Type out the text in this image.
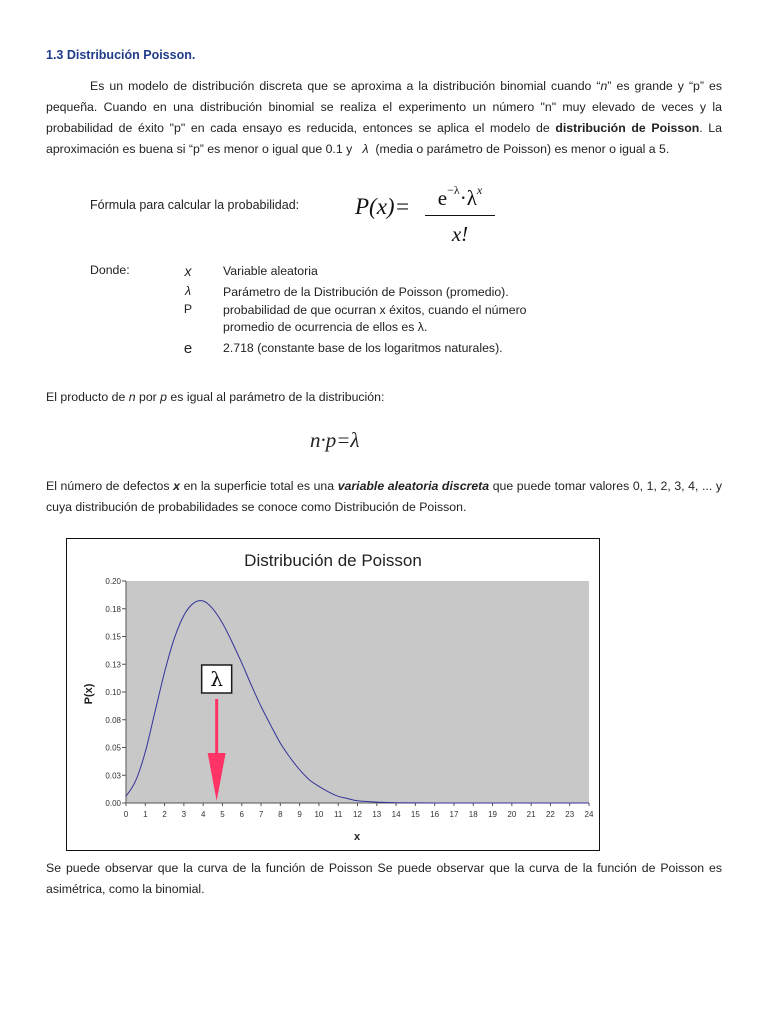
1.3 Distribución Poisson.

Es un modelo de distribución discreta que se aproxima a la distribución binomial cuando “n” es grande y “p” es pequeña. Cuando en una distribución binomial se realiza el experimento un número "n" muy elevado de veces y la probabilidad de éxito "p" en cada ensayo es reducida, entonces se aplica el modelo de distribución de Poisson. La aproximación es buena si “p” es menor o igual que 0.1 y   λ  (media o parámetro de Poisson) es menor o igual a 5.

Fórmula para calcular la probabilidad: P(x)=	$e^{-\lambda}\cdot\lambda^x$
x!
Donde:	x	Variable aleatoria
λ	Parámetro de la Distribución de Poisson (promedio).
P	probabilidad de que ocurran x éxitos, cuando el número
promedio de ocurrencia de ellos es λ.
e	2.718 (constante base de los logaritmos naturales).

El producto de n por p es igual al parámetro de la distribución:

n·p=λ

El número de defectos x en la superficie total es una variable aleatoria discreta que puede tomar valores 0, 1, 2, 3, 4, ... y cuya distribución de probabilidades se conoce como Distribución de Poisson.

Distribución de Poisson
0.00
0.03
0.05
0.08
0.10
0.13
0.15
0.18
0.20
0 1 2 3 4 5 6 7 8 9 10 11 12 13 14 15 16 17 18 19 20 21 22 23 24
x
P(x)
λ
Se puede observar que la curva de la función de Poisson Se puede observar que la curva de la función de Poisson es asimétrica, como la binomial.
